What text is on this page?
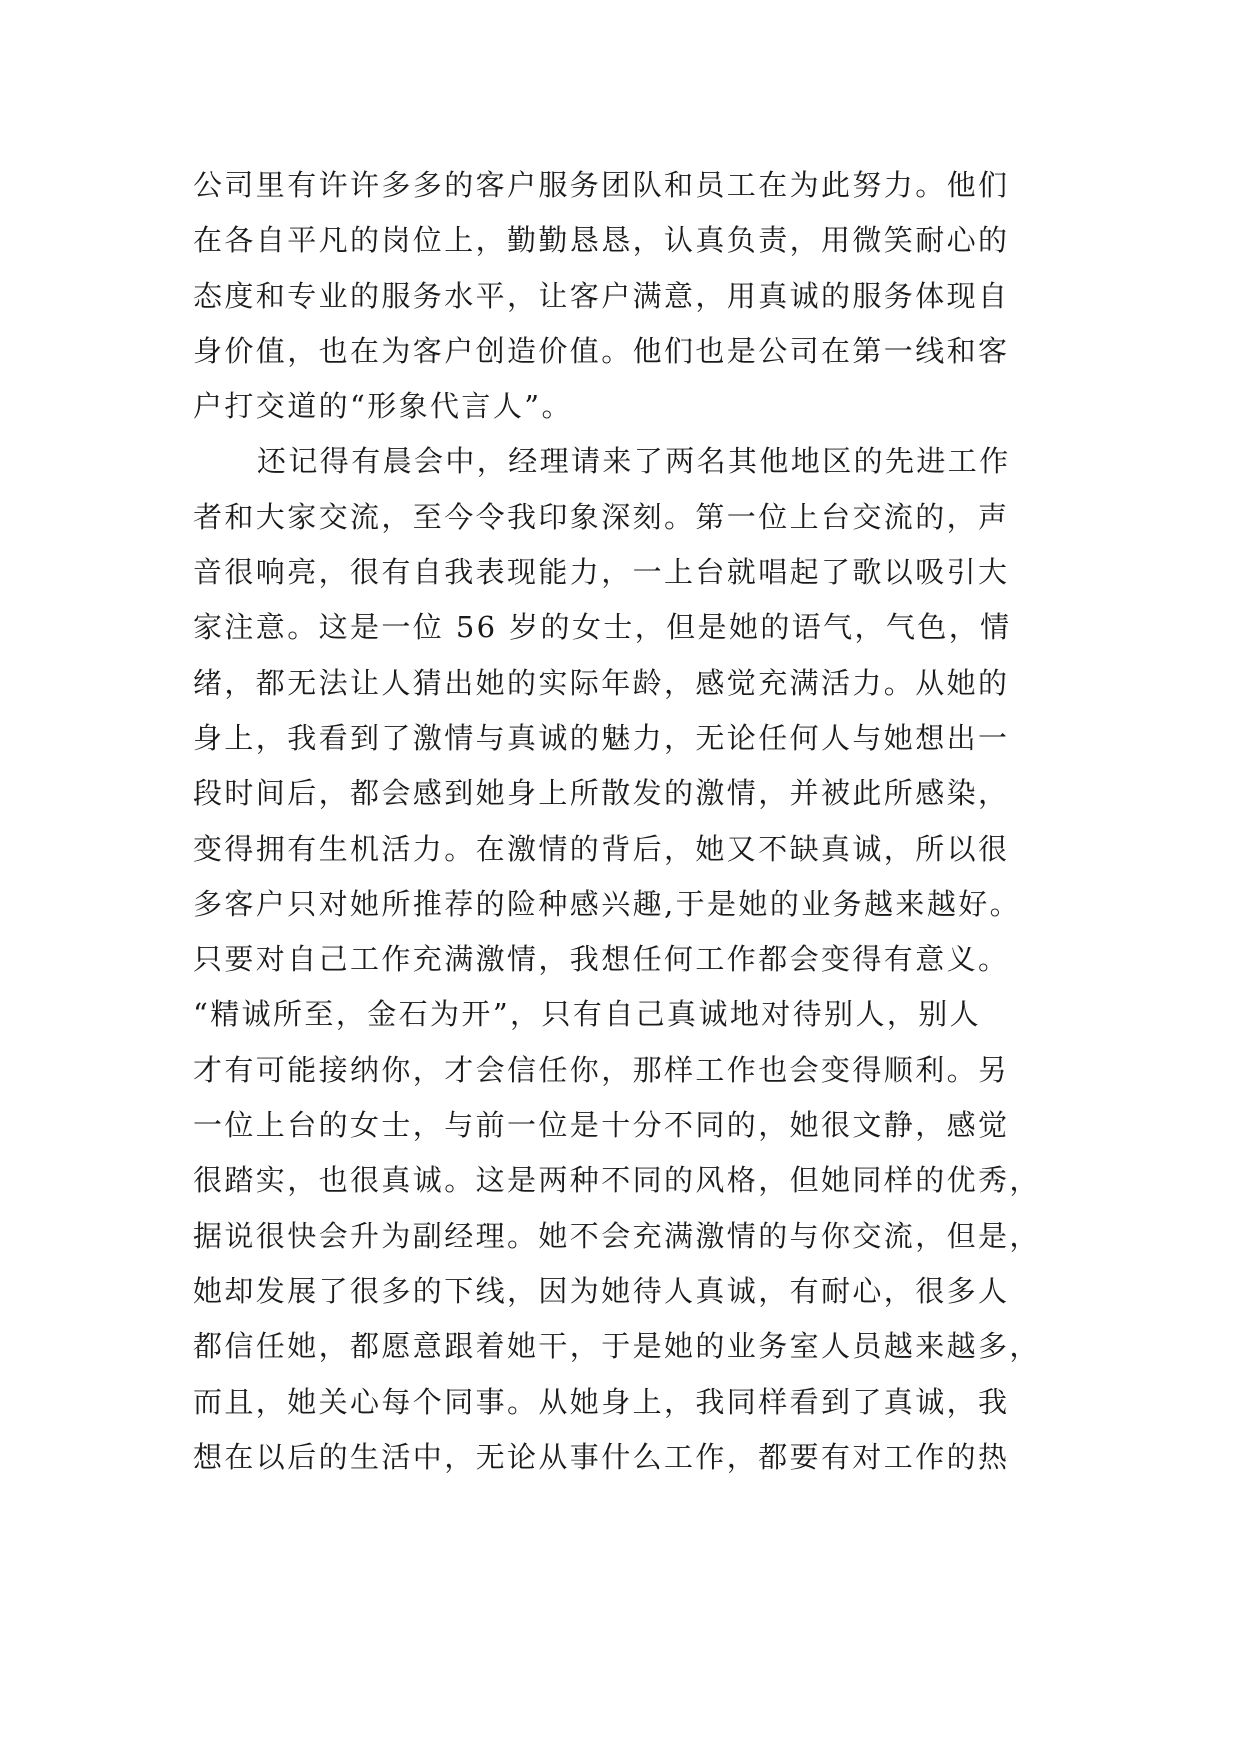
公司里有许许多多的客户服务团队和员工在为此努力。他们
在各自平凡的岗位上，勤勤恳恳，认真负责，用微笑耐心的
态度和专业的服务水平，让客户满意，用真诚的服务体现自
身价值，也在为客户创造价值。他们也是公司在第一线和客
户打交道的“形象代言人”。
还记得有晨会中，经理请来了两名其他地区的先进工作
者和大家交流，至今令我印象深刻。第一位上台交流的，声
音很响亮，很有自我表现能力，一上台就唱起了歌以吸引大
家注意。这是一位 56 岁的女士，但是她的语气，气色，情
绪，都无法让人猜出她的实际年龄，感觉充满活力。从她的
身上，我看到了激情与真诚的魅力，无论任何人与她想出一
段时间后，都会感到她身上所散发的激情，并被此所感染，
变得拥有生机活力。在激情的背后，她又不缺真诚，所以很
多客户只对她所推荐的险种感兴趣,于是她的业务越来越好。
只要对自己工作充满激情，我想任何工作都会变得有意义。
“精诚所至，金石为开”，只有自己真诚地对待别人，别人
才有可能接纳你，才会信任你，那样工作也会变得顺利。另
一位上台的女士，与前一位是十分不同的，她很文静，感觉
很踏实，也很真诚。这是两种不同的风格，但她同样的优秀，
据说很快会升为副经理。她不会充满激情的与你交流，但是，
她却发展了很多的下线，因为她待人真诚，有耐心，很多人
都信任她，都愿意跟着她干，于是她的业务室人员越来越多，
而且，她关心每个同事。从她身上，我同样看到了真诚，我
想在以后的生活中，无论从事什么工作，都要有对工作的热
